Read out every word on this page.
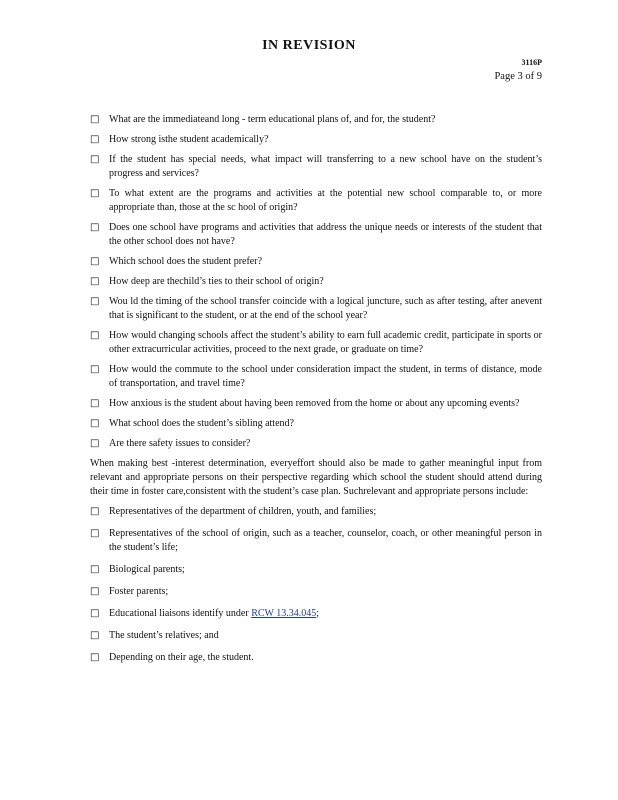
IN REVISION
3116P
Page 3 of 9
□ What are the immediateand long - term educational plans of, and for, the student?
□ How strong isthe student academically?
□ If the student has special needs, what impact will transferring to a new school have on the student’s progress and services?
□ To what extent are the programs and activities at the potential new school comparable to, or more appropriate than, those at the sc hool of origin?
□ Does one school have programs and activities that address the unique needs or interests of the student that the other school does not have?
□ Which school does the student prefer?
□ How deep are thechild’s ties to their school of origin?
□ Wou ld the timing of the school transfer coincide with a logical juncture, such as after testing, after anevent that is significant to the student, or at the end of the school year?
□ How would changing schools affect the student’s ability to earn full academic credit, participate in sports or other extracurricular activities, proceed to the next grade, or graduate on time?
□ How would the commute to the school under consideration impact the student, in terms of distance, mode of transportation, and travel time?
□ How anxious is the student about having been removed from the home or about any upcoming events?
□ What school does the student’s sibling attend?
□ Are there safety issues to consider?

When making best -interest determination, everyeffort should also be made to gather meaningful input from relevant and appropriate persons on their perspective regarding which school the student should attend during their time in foster care,consistent with the student’s case plan. Suchrelevant and appropriate persons include:

□ Representatives of the department of children, youth, and families;
□ Representatives of the school of origin, such as a teacher, counselor, coach, or other meaningful person in the student’s life;
□ Biological parents;
□ Foster parents;
□ Educational liaisons identify under RCW 13.34.045;
□ The student’s relatives; and
□ Depending on their age, the student.
